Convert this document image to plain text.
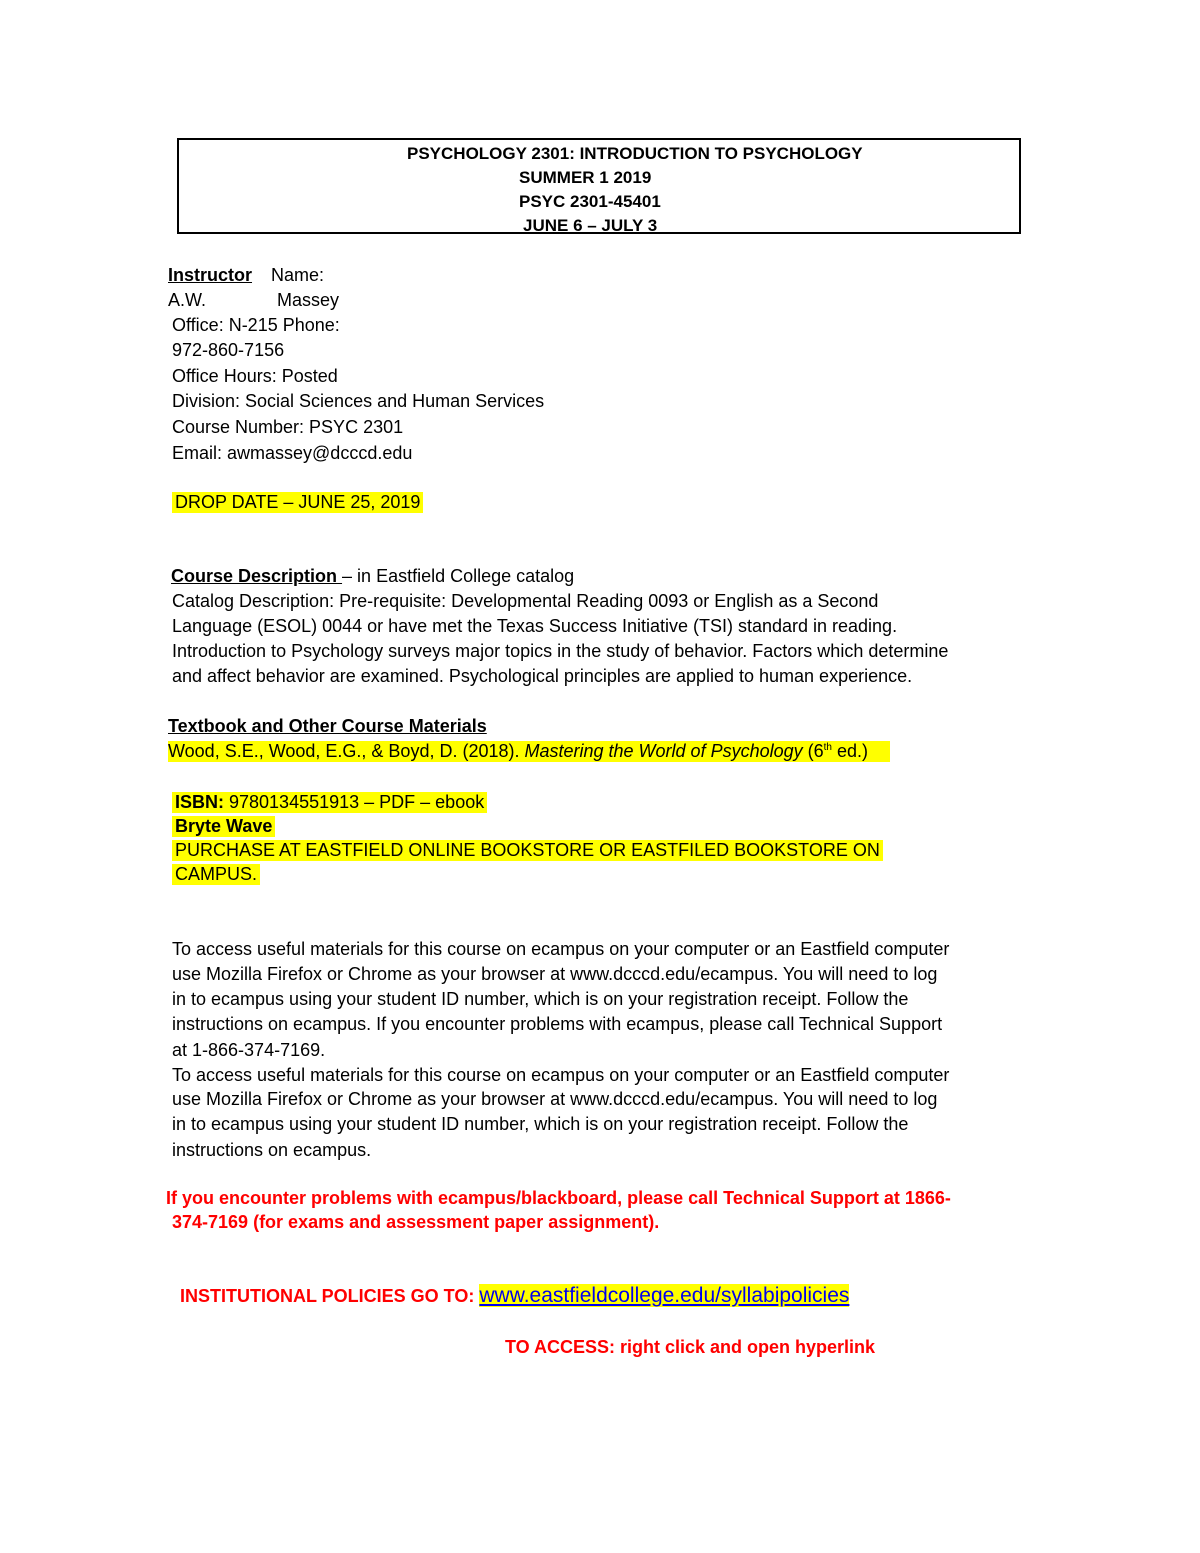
PSYCHOLOGY 2301: INTRODUCTION TO PSYCHOLOGY
SUMMER 1 2019
PSYC 2301-45401
JUNE 6 – JULY 3
Instructor Name:
A.W.	Massey
Office: N-215 Phone:
972-860-7156
Office Hours: Posted
Division: Social Sciences and Human Services
Course Number: PSYC 2301
Email: awmassey@dcccd.edu
DROP DATE – JUNE 25, 2019
Course Description – in Eastfield College catalog
Catalog Description: Pre-requisite: Developmental Reading 0093 or English as a Second
Language (ESOL) 0044 or have met the Texas Success Initiative (TSI) standard in reading.
Introduction to Psychology surveys major topics in the study of behavior. Factors which determine
and affect behavior are examined. Psychological principles are applied to human experience.
Textbook and Other Course Materials
Wood, S.E., Wood, E.G., & Boyd, D. (2018). Mastering the World of Psychology (6th ed.)
ISBN: 9780134551913 – PDF – ebook
Bryte Wave
PURCHASE AT EASTFIELD ONLINE BOOKSTORE OR EASTFILED BOOKSTORE ON
CAMPUS.
To access useful materials for this course on ecampus on your computer or an Eastfield computer
use Mozilla Firefox or Chrome as your browser at www.dcccd.edu/ecampus. You will need to log
in to ecampus using your student ID number, which is on your registration receipt. Follow the
instructions on ecampus. If you encounter problems with ecampus, please call Technical Support
at 1-866-374-7169.
To access useful materials for this course on ecampus on your computer or an Eastfield computer
use Mozilla Firefox or Chrome as your browser at www.dcccd.edu/ecampus. You will need to log
in to ecampus using your student ID number, which is on your registration receipt. Follow the
instructions on ecampus.
If you encounter problems with ecampus/blackboard, please call Technical Support at 1866-
374-7169 (for exams and assessment paper assignment).
INSTITUTIONAL POLICIES GO TO: www.eastfieldcollege.edu/syllabipolicies
TO ACCESS: right click and open hyperlink
